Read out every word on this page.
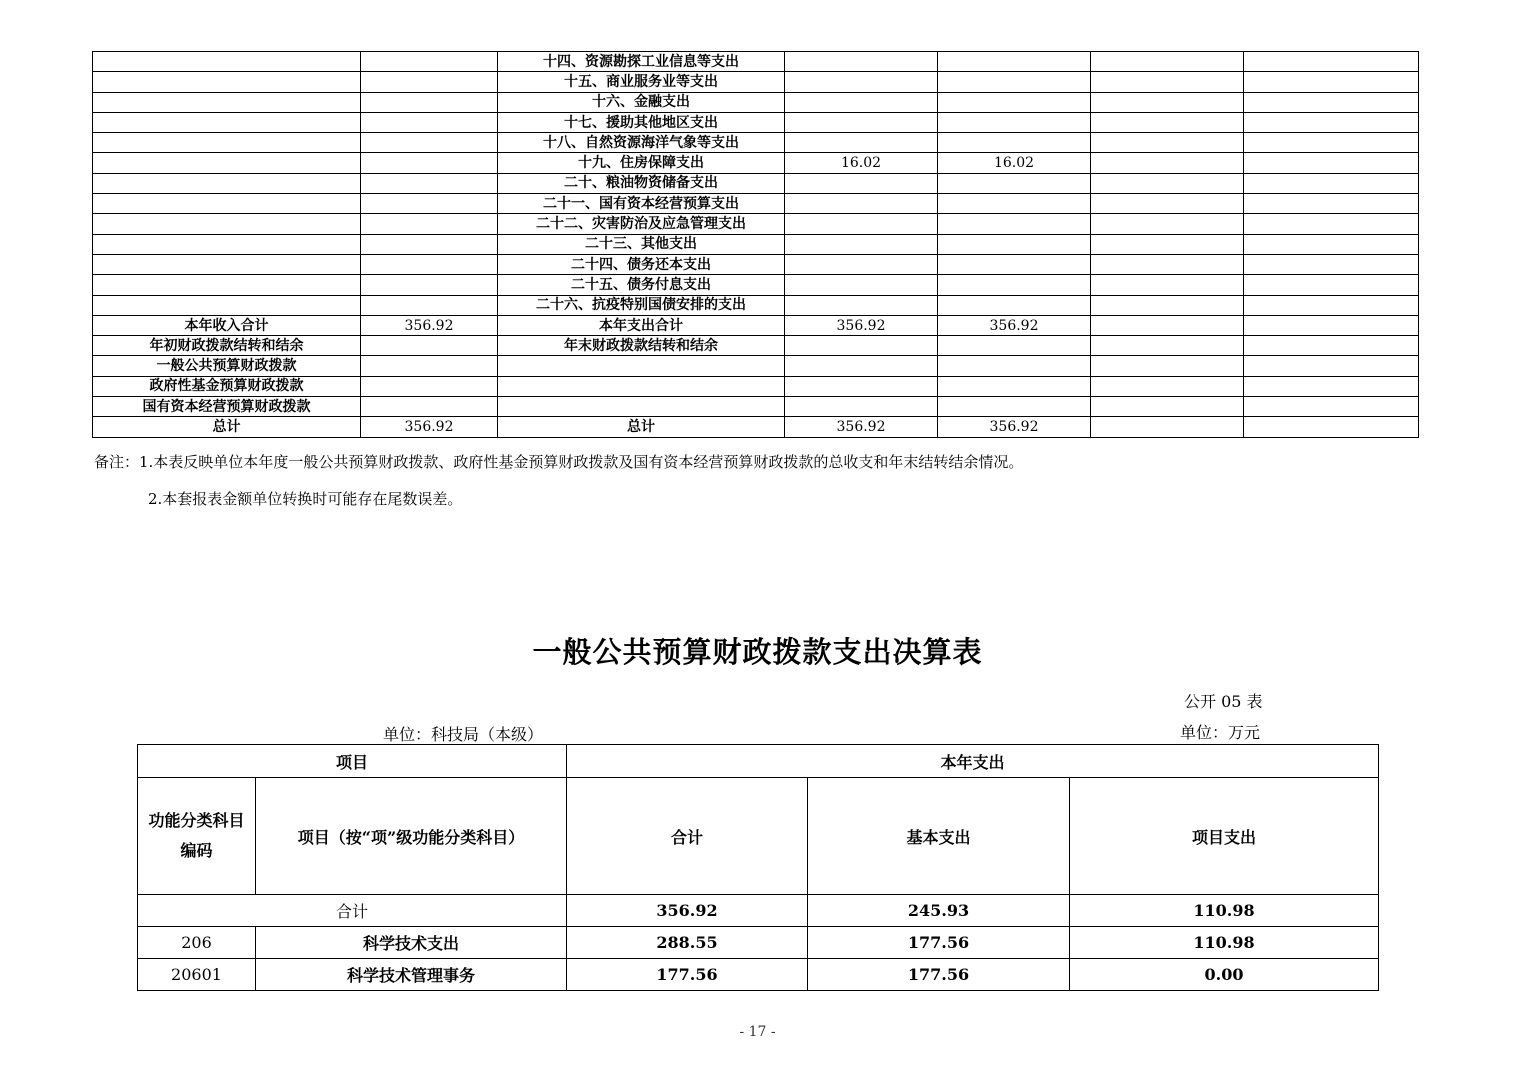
		十四、资源勘探工业信息等支出				
		十五、商业服务业等支出				
		十六、金融支出				
		十七、援助其他地区支出				
		十八、自然资源海洋气象等支出				
		十九、住房保障支出	16.02	16.02		
		二十、粮油物资储备支出				
		二十一、国有资本经营预算支出				
		二十二、灾害防治及应急管理支出				
		二十三、其他支出				
		二十四、债务还本支出				
		二十五、债务付息支出				
		二十六、抗疫特别国债安排的支出				
本年收入合计	356.92	本年支出合计	356.92	356.92		
年初财政拨款结转和结余		年末财政拨款结转和结余				
一般公共预算财政拨款						
政府性基金预算财政拨款						
国有资本经营预算财政拨款						
总计	356.92	总计	356.92	356.92		
备注：1.本表反映单位本年度一般公共预算财政拨款、政府性基金预算财政拨款及国有资本经营预算财政拨款的总收支和年末结转结余情况。
2.本套报表金额单位转换时可能存在尾数误差。
一般公共预算财政拨款支出决算表
公开 05 表
单位：科技局（本级）	单位：万元
项目		本年支出		
功能分类科目编码	项目（按“项”级功能分类科目）	合计	基本支出	项目支出
合计		356.92	245.93	110.98
206	科学技术支出	288.55	177.56	110.98
20601	科学技术管理事务	177.56	177.56	0.00
- 17 -
